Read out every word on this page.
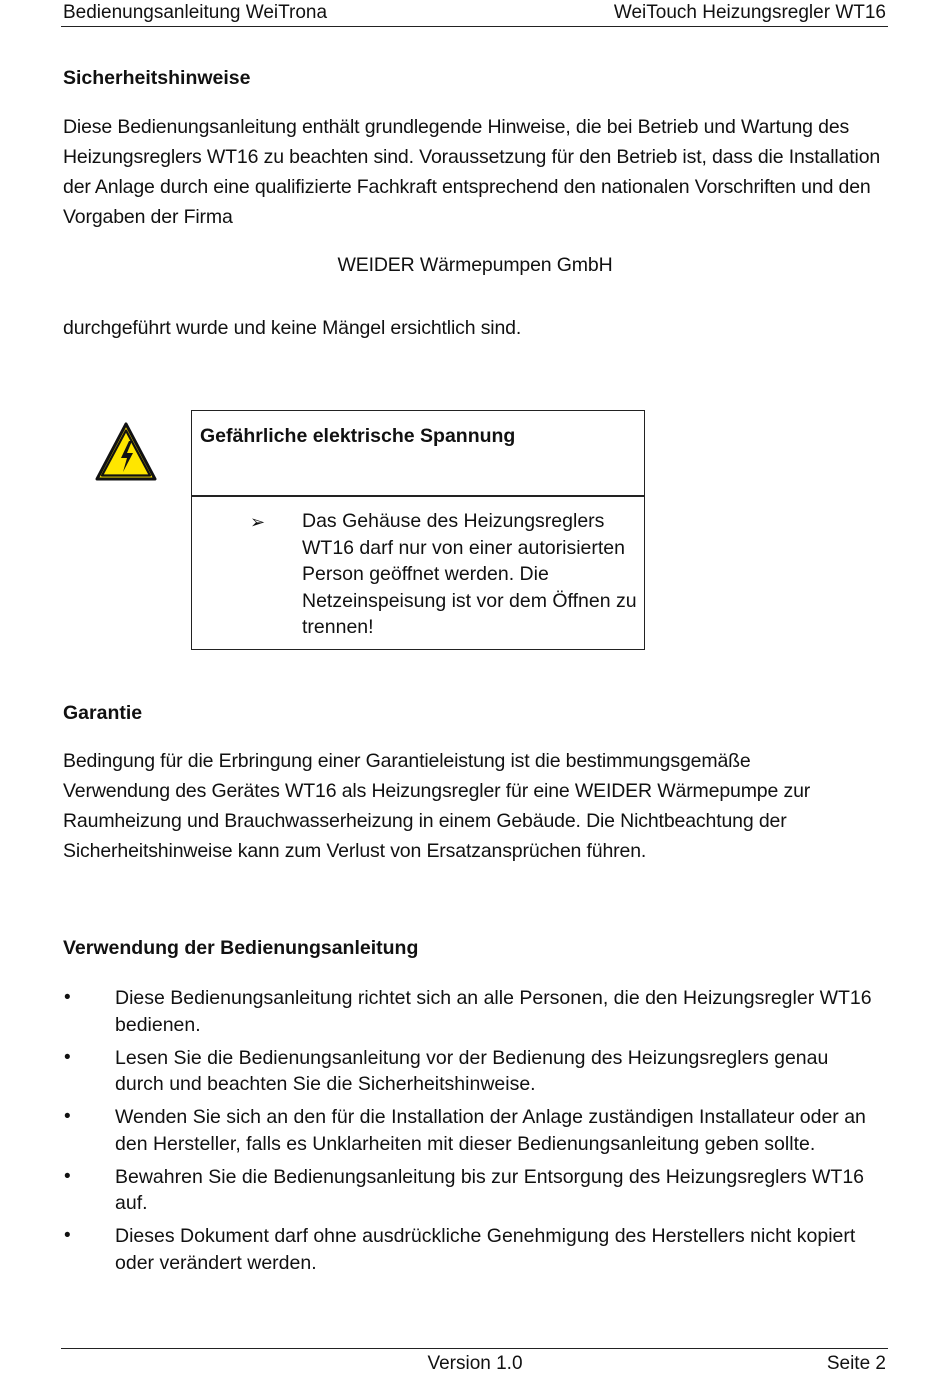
Bedienungsanleitung WeiTrona	WeiTouch Heizungsregler WT16
Sicherheitshinweise
Diese Bedienungsanleitung enthält grundlegende Hinweise, die bei Betrieb und Wartung des Heizungsreglers WT16 zu beachten sind. Voraussetzung für den Betrieb ist, dass die Installation der Anlage durch eine qualifizierte Fachkraft entsprechend den nationalen Vorschriften und den Vorgaben der Firma
WEIDER Wärmepumpen GmbH
durchgeführt wurde und keine Mängel ersichtlich sind.
Gefährliche elektrische Spannung
➢ Das Gehäuse des Heizungsreglers WT16 darf nur von einer autorisierten Person geöffnet werden. Die Netzeinspeisung ist vor dem Öffnen zu trennen!
Garantie
Bedingung für die Erbringung einer Garantieleistung ist die bestimmungsgemäße Verwendung des Gerätes WT16 als Heizungsregler für eine WEIDER Wärmepumpe zur Raumheizung und Brauchwasserheizung in einem Gebäude. Die Nichtbeachtung der Sicherheitshinweise kann zum Verlust von Ersatzansprüchen führen.
Verwendung der Bedienungsanleitung
• Diese Bedienungsanleitung richtet sich an alle Personen, die den Heizungsregler WT16 bedienen.
• Lesen Sie die Bedienungsanleitung vor der Bedienung des Heizungsreglers genau durch und beachten Sie die Sicherheitshinweise.
• Wenden Sie sich an den für die Installation der Anlage zuständigen Installateur oder an den Hersteller, falls es Unklarheiten mit dieser Bedienungsanleitung geben sollte.
• Bewahren Sie die Bedienungsanleitung bis zur Entsorgung des Heizungsreglers WT16 auf.
• Dieses Dokument darf ohne ausdrückliche Genehmigung des Herstellers nicht kopiert oder verändert werden.
Version 1.0	Seite 2
